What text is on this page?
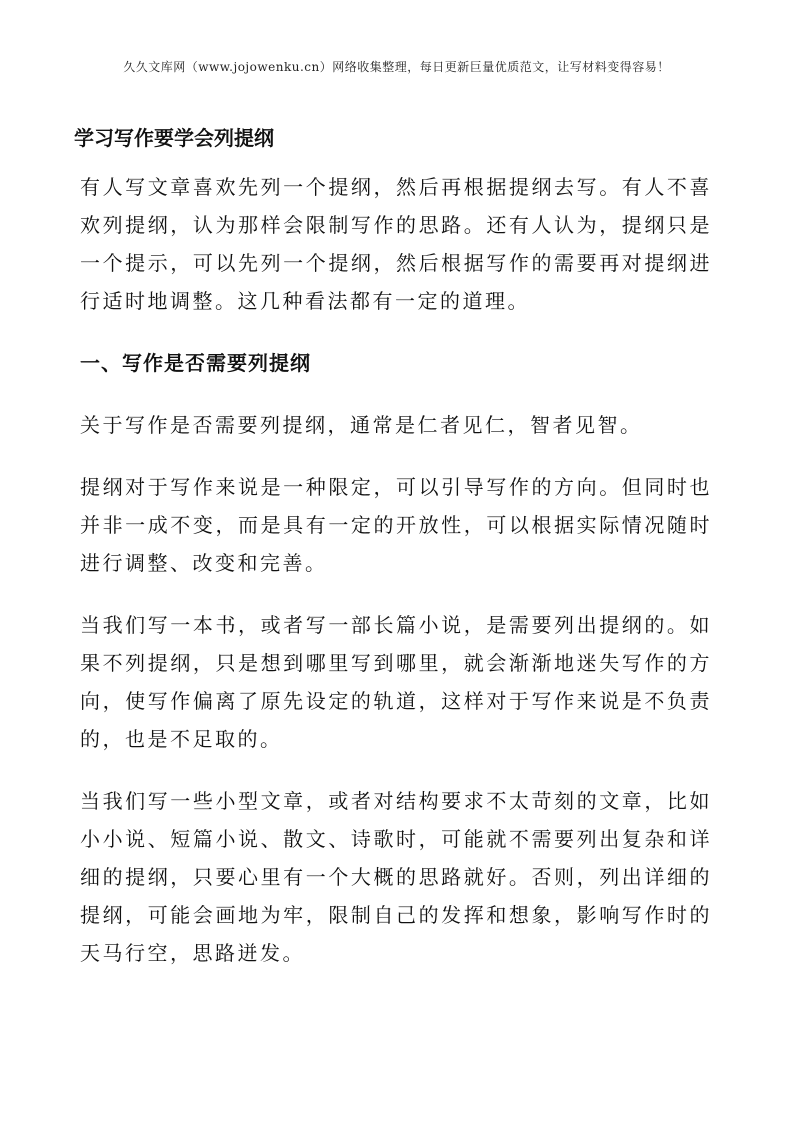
久久文库网（www.jojowenku.cn）网络收集整理，每日更新巨量优质范文，让写材料变得容易！
学习写作要学会列提纲

有人写文章喜欢先列一个提纲，然后再根据提纲去写。有人不喜欢列提纲，认为那样会限制写作的思路。还有人认为，提纲只是一个提示，可以先列一个提纲，然后根据写作的需要再对提纲进行适时地调整。这几种看法都有一定的道理。

一、写作是否需要列提纲

关于写作是否需要列提纲，通常是仁者见仁，智者见智。

提纲对于写作来说是一种限定，可以引导写作的方向。但同时也并非一成不变，而是具有一定的开放性，可以根据实际情况随时进行调整、改变和完善。

当我们写一本书，或者写一部长篇小说，是需要列出提纲的。如果不列提纲，只是想到哪里写到哪里，就会渐渐地迷失写作的方向，使写作偏离了原先设定的轨道，这样对于写作来说是不负责的，也是不足取的。

当我们写一些小型文章，或者对结构要求不太苛刻的文章，比如小小说、短篇小说、散文、诗歌时，可能就不需要列出复杂和详细的提纲，只要心里有一个大概的思路就好。否则，列出详细的提纲，可能会画地为牢，限制自己的发挥和想象，影响写作时的天马行空，思路迸发。
